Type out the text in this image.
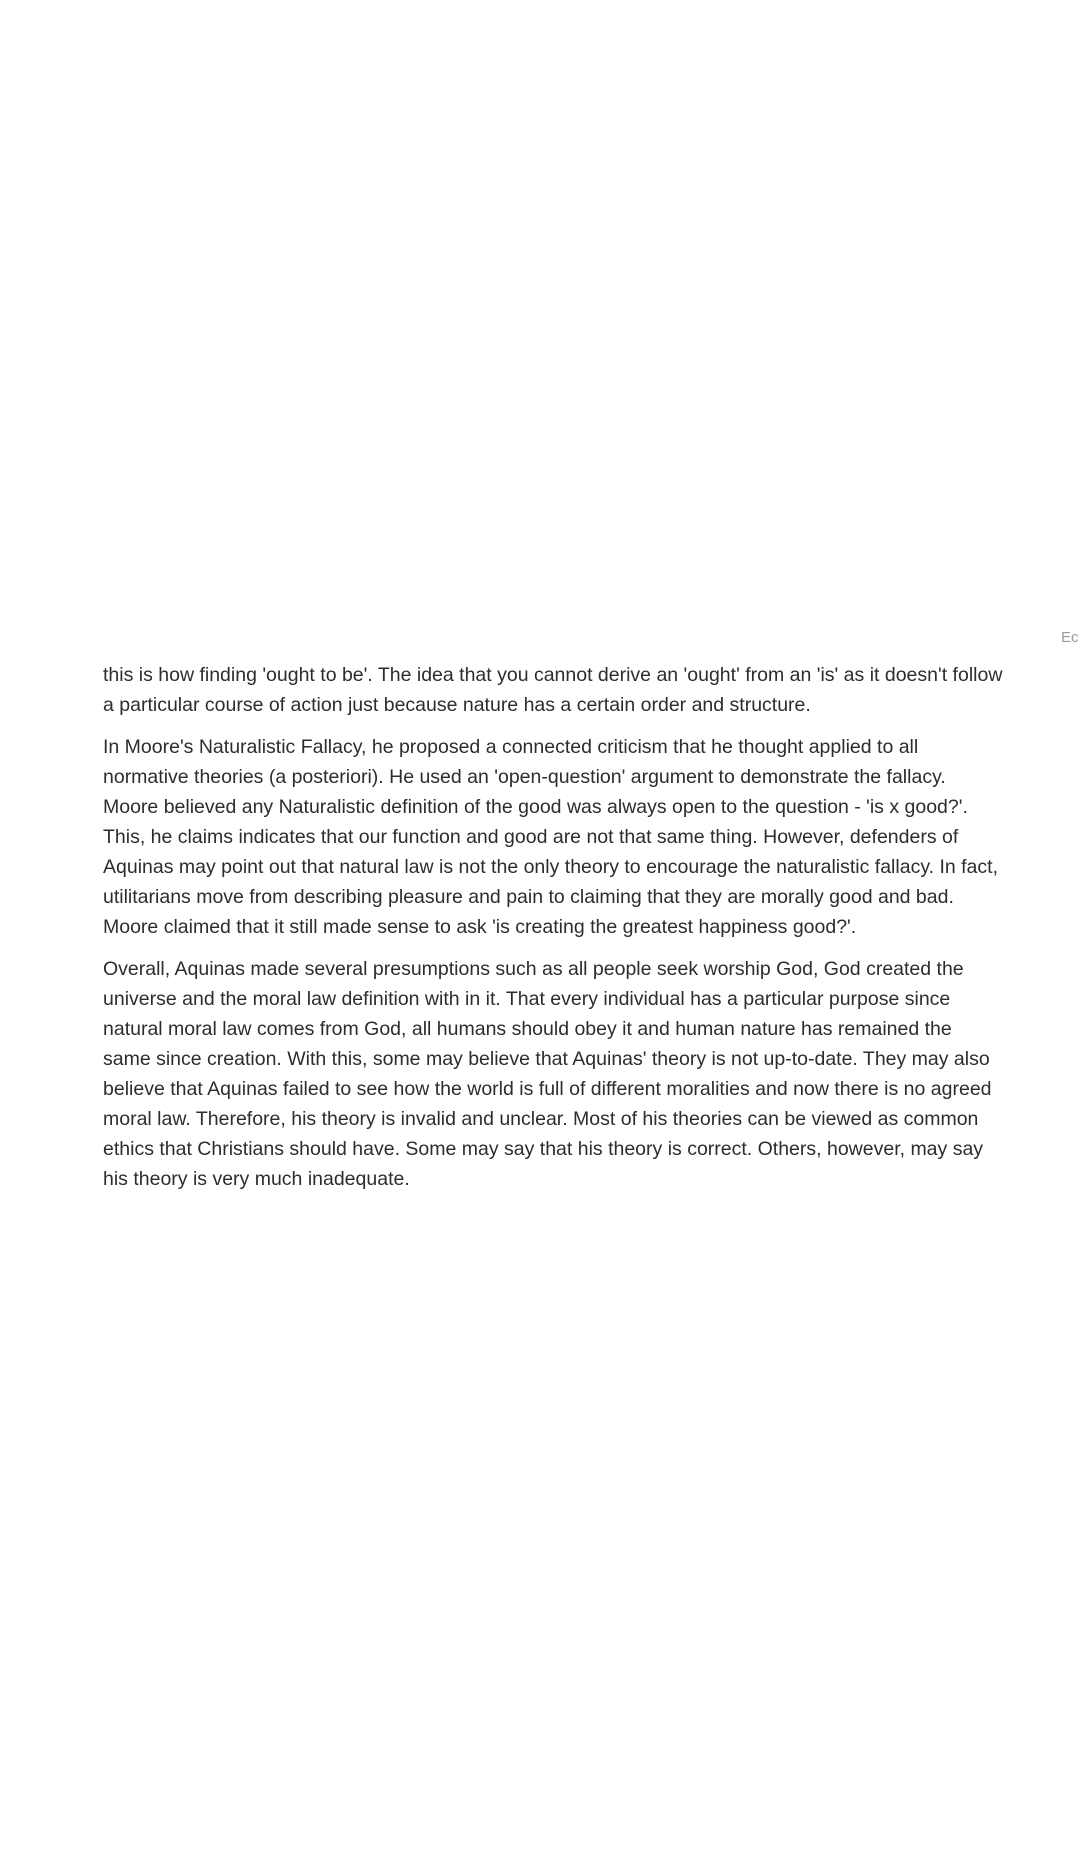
Ec

this is how finding 'ought to be'. The idea that you cannot derive an 'ought' from an 'is' as it doesn't follow a particular course of action just because nature has a certain order and structure.

In Moore's Naturalistic Fallacy, he proposed a connected criticism that he thought applied to all normative theories (a posteriori). He used an 'open-question' argument to demonstrate the fallacy. Moore believed any Naturalistic definition of the good was always open to the question - 'is x good?'. This, he claims indicates that our function and good are not that same thing. However, defenders of Aquinas may point out that natural law is not the only theory to encourage the naturalistic fallacy. In fact, utilitarians move from describing pleasure and pain to claiming that they are morally good and bad. Moore claimed that it still made sense to ask 'is creating the greatest happiness good?'.

Overall, Aquinas made several presumptions such as all people seek worship God, God created the universe and the moral law definition with in it. That every individual has a particular purpose since natural moral law comes from God, all humans should obey it and human nature has remained the same since creation. With this, some may believe that Aquinas' theory is not up-to-date. They may also believe that Aquinas failed to see how the world is full of different moralities and now there is no agreed moral law. Therefore, his theory is invalid and unclear. Most of his theories can be viewed as common ethics that Christians should have. Some may say that his theory is correct. Others, however, may say his theory is very much inadequate.
